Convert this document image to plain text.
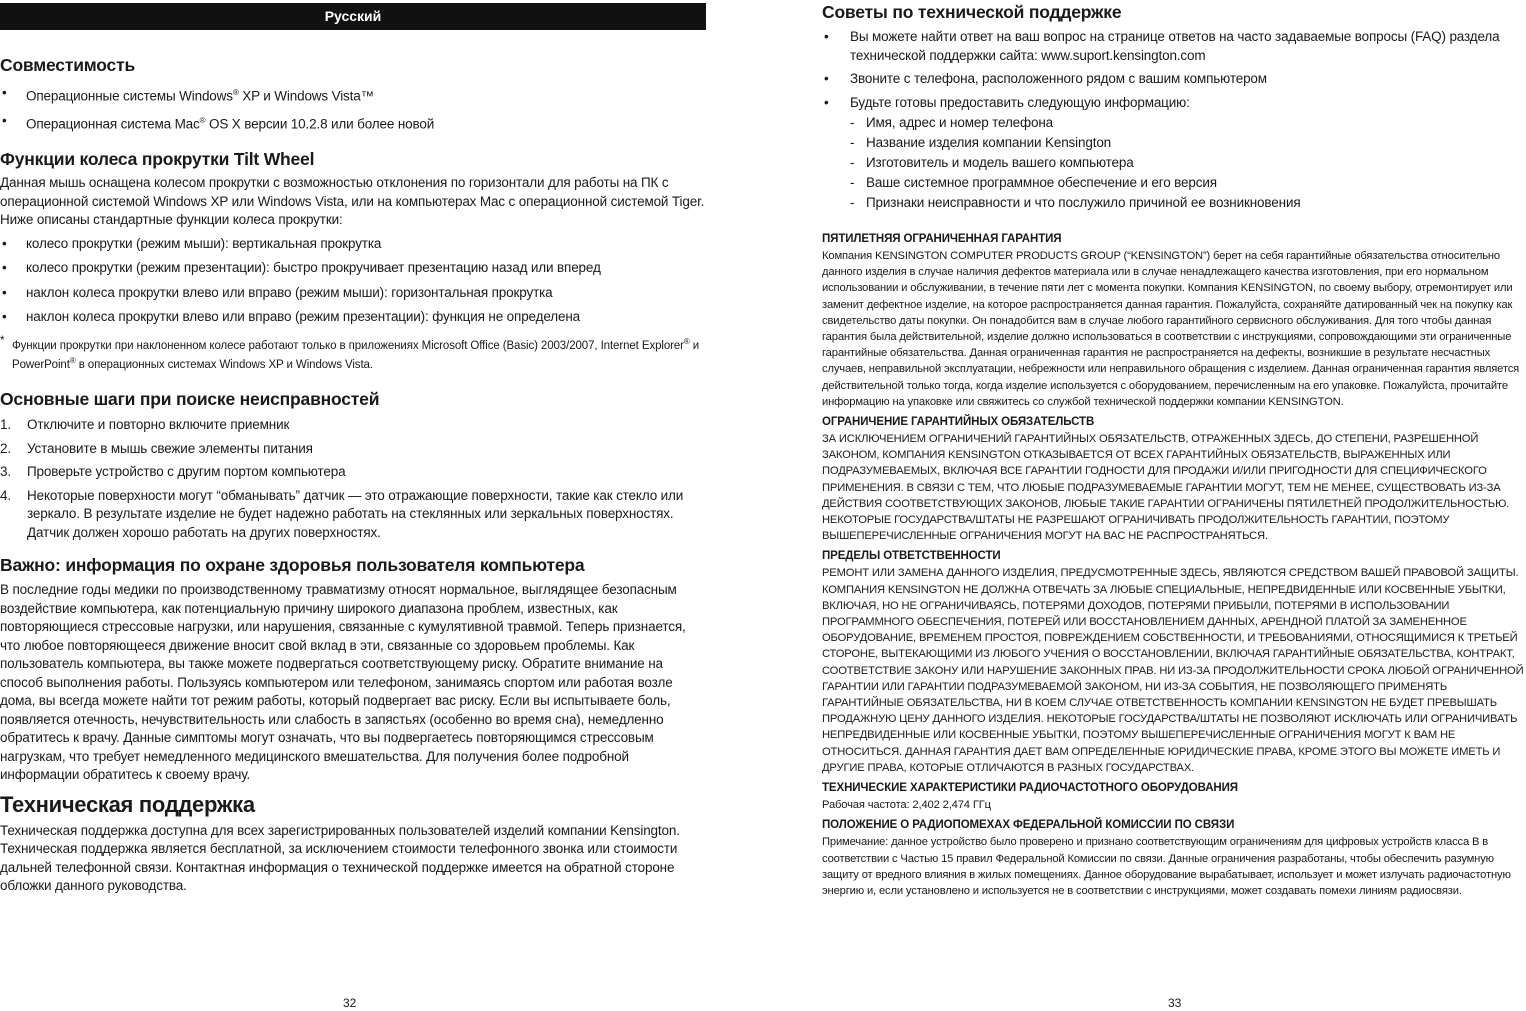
Русский
Совместимость
• Операционные системы Windows® XP и Windows Vista™
• Операционная система Mac® OS X версии 10.2.8 или более новой
Функции колеса прокрутки Tilt Wheel

Данная мышь оснащена колесом прокрутки с возможностью отклонения по горизонтали для работы на ПК с операционной системой Windows XP или Windows Vista, или на компьютерах Mac с операционной системой Tiger. Ниже описаны стандартные функции колеса прокрутки:

• колесо прокрутки (режим мыши): вертикальная прокрутка
• колесо прокрутки (режим презентации): быстро прокручивает презентацию назад или вперед
• наклон колеса прокрутки влево или вправо (режим мыши): горизонтальная прокрутка
• наклон колеса прокрутки влево или вправо (режим презентации): функция не определена
* Функции прокрутки при наклоненном колесе работают только в приложениях Microsoft Office (Basic) 2003/2007, Internet Explorer® и PowerPoint® в операционных системах Windows XP и Windows Vista.
Основные шаги при поиске неисправностей
1. Отключите и повторно включите приемник
2. Установите в мышь свежие элементы питания
3. Проверьте устройство с другим портом компьютера
4. Некоторые поверхности могут “обманывать” датчик — это отражающие поверхности, такие как стекло или зеркало. В результате изделие не будет надежно работать на стеклянных или зеркальных поверхностях. Датчик должен хорошо работать на других поверхностях.
Важно: информация по охране здоровья пользователя компьютера

В последние годы медики по производственному травматизму относят нормальное, выглядящее безопасным воздействие компьютера, как потенциальную причину широкого диапазона проблем, известных, как повторяющиеся стрессовые нагрузки, или нарушения, связанные с кумулятивной травмой. Теперь признается, что любое повторяющееся движение вносит свой вклад в эти, связанные со здоровьем проблемы. Как пользователь компьютера, вы также можете подвергаться соответствующему риску. Обратите внимание на способ выполнения работы. Пользуясь компьютером или телефоном, занимаясь спортом или работая возле дома, вы всегда можете найти тот режим работы, который подвергает вас риску. Если вы испытываете боль, появляется отечность, нечувствительность или слабость в запястьях (особенно во время сна), немедленно обратитесь к врачу. Данные симптомы могут означать, что вы подвергаетесь повторяющимся стрессовым нагрузкам, что требует немедленного медицинского вмешательства. Для получения более подробной информации обратитесь к своему врачу.

Техническая поддержка

Техническая поддержка доступна для всех зарегистрированных пользователей изделий компании Kensington. Техническая поддержка является бесплатной, за исключением стоимости телефонного звонка или стоимости дальней телефонной связи. Контактная информация о технической поддержке имеется на обратной стороне обложки данного руководства.

32
Советы по технической поддержке
• Вы можете найти ответ на ваш вопрос на странице ответов на часто задаваемые вопросы (FAQ) раздела технической поддержки сайта: www.suport.kensington.com
• Звоните с телефона, расположенного рядом с вашим компьютером
• Будьте готовы предоставить следующую информацию:
- Имя, адрес и номер телефона
- Название изделия компании Kensington
- Изготовитель и модель вашего компьютера
- Ваше системное программное обеспечение и его версия
- Признаки неисправности и что послужило причиной ее возникновения
ПЯТИЛЕТНЯЯ ОГРАНИЧЕННАЯ ГАРАНТИЯ

Компания KENSINGTON COMPUTER PRODUCTS GROUP (“KENSINGTON”) берет на себя гарантийные обязательства относительно данного изделия в случае наличия дефектов материала или в случае ненадлежащего качества изготовления, при его нормальном использовании и обслуживании, в течение пяти лет с момента покупки. Компания KENSINGTON, по своему выбору, отремонтирует или заменит дефектное изделие, на которое распространяется данная гарантия. Пожалуйста, сохраняйте датированный чек на покупку как свидетельство даты покупки. Он понадобится вам в случае любого гарантийного сервисного обслуживания. Для того чтобы данная гарантия была действительной, изделие должно использоваться в соответствии с инструкциями, сопровождающими эти ограниченные гарантийные обязательства. Данная ограниченная гарантия не распространяется на дефекты, возникшие в результате несчастных случаев, неправильной эксплуатации, небрежности или неправильного обращения с изделием. Данная ограниченная гарантия является действительной только тогда, когда изделие используется с оборудованием, перечисленным на его упаковке. Пожалуйста, прочитайте информацию на упаковке или свяжитесь со службой технической поддержки компании KENSINGTON.

ОГРАНИЧЕНИЕ ГАРАНТИЙНЫХ ОБЯЗАТЕЛЬСТВ

ЗА ИСКЛЮЧЕНИЕМ ОГРАНИЧЕНИЙ ГАРАНТИЙНЫХ ОБЯЗАТЕЛЬСТВ, ОТРАЖЕННЫХ ЗДЕСЬ, ДО СТЕПЕНИ, РАЗРЕШЕННОЙ ЗАКОНОМ, КОМПАНИЯ KENSINGTON ОТКАЗЫВАЕТСЯ ОТ ВСЕХ ГАРАНТИЙНЫХ ОБЯЗАТЕЛЬСТВ, ВЫРАЖЕННЫХ ИЛИ ПОДРАЗУМЕВАЕМЫХ, ВКЛЮЧАЯ ВСЕ ГАРАНТИИ ГОДНОСТИ ДЛЯ ПРОДАЖИ И/ИЛИ ПРИГОДНОСТИ ДЛЯ СПЕЦИФИЧЕСКОГО ПРИМЕНЕНИЯ. В СВЯЗИ С ТЕМ, ЧТО ЛЮБЫЕ ПОДРАЗУМЕВАЕМЫЕ ГАРАНТИИ МОГУТ, ТЕМ НЕ МЕНЕЕ, СУЩЕСТВОВАТЬ ИЗ-ЗА ДЕЙСТВИЯ СООТВЕТСТВУЮЩИХ ЗАКОНОВ, ЛЮБЫЕ ТАКИЕ ГАРАНТИИ ОГРАНИЧЕНЫ ПЯТИЛЕТНЕЙ ПРОДОЛЖИТЕЛЬНОСТЬЮ. НЕКОТОРЫЕ ГОСУДАРСТВА/ШТАТЫ НЕ РАЗРЕШАЮТ ОГРАНИЧИВАТЬ ПРОДОЛЖИТЕЛЬНОСТЬ ГАРАНТИИ, ПОЭТОМУ ВЫШЕПЕРЕЧИСЛЕННЫЕ ОГРАНИЧЕНИЯ МОГУТ НА ВАС НЕ РАСПРОСТРАНЯТЬСЯ.

ПРЕДЕЛЫ ОТВЕТСТВЕННОСТИ

РЕМОНТ ИЛИ ЗАМЕНА ДАННОГО ИЗДЕЛИЯ, ПРЕДУСМОТРЕННЫЕ ЗДЕСЬ, ЯВЛЯЮТСЯ СРЕДСТВОМ ВАШЕЙ ПРАВОВОЙ ЗАЩИТЫ. КОМПАНИЯ KENSINGTON НЕ ДОЛЖНА ОТВЕЧАТЬ ЗА ЛЮБЫЕ СПЕЦИАЛЬНЫЕ, НЕПРЕДВИДЕННЫЕ ИЛИ КОСВЕННЫЕ УБЫТКИ, ВКЛЮЧАЯ, НО НЕ ОГРАНИЧИВАЯСЬ, ПОТЕРЯМИ ДОХОДОВ, ПОТЕРЯМИ ПРИБЫЛИ, ПОТЕРЯМИ В ИСПОЛЬЗОВАНИИ ПРОГРАММНОГО ОБЕСПЕЧЕНИЯ, ПОТЕРЕЙ ИЛИ ВОССТАНОВЛЕНИЕМ ДАННЫХ, АРЕНДНОЙ ПЛАТОЙ ЗА ЗАМЕНЕННОЕ ОБОРУДОВАНИЕ, ВРЕМЕНЕМ ПРОСТОЯ, ПОВРЕЖДЕНИЕМ СОБСТВЕННОСТИ, И ТРЕБОВАНИЯМИ, ОТНОСЯЩИМИСЯ К ТРЕТЬЕЙ СТОРОНЕ, ВЫТЕКАЮЩИМИ ИЗ ЛЮБОГО УЧЕНИЯ О ВОССТАНОВЛЕНИИ, ВКЛЮЧАЯ ГАРАНТИЙНЫЕ ОБЯЗАТЕЛЬСТВА, КОНТРАКТ, СООТВЕТСТВИЕ ЗАКОНУ ИЛИ НАРУШЕНИЕ ЗАКОННЫХ ПРАВ. НИ ИЗ-ЗА ПРОДОЛЖИТЕЛЬНОСТИ СРОКА ЛЮБОЙ ОГРАНИЧЕННОЙ ГАРАНТИИ ИЛИ ГАРАНТИИ ПОДРАЗУМЕВАЕМОЙ ЗАКОНОМ, НИ ИЗ-ЗА СОБЫТИЯ, НЕ ПОЗВОЛЯЮЩЕГО ПРИМЕНЯТЬ ГАРАНТИЙНЫЕ ОБЯЗАТЕЛЬСТВА, НИ В КОЕМ СЛУЧАЕ ОТВЕТСТВЕННОСТЬ КОМПАНИИ KENSINGTON НЕ БУДЕТ ПРЕВЫШАТЬ ПРОДАЖНУЮ ЦЕНУ ДАННОГО ИЗДЕЛИЯ. НЕКОТОРЫЕ ГОСУДАРСТВА/ШТАТЫ НЕ ПОЗВОЛЯЮТ ИСКЛЮЧАТЬ ИЛИ ОГРАНИЧИВАТЬ НЕПРЕДВИДЕННЫЕ ИЛИ КОСВЕННЫЕ УБЫТКИ, ПОЭТОМУ ВЫШЕПЕРЕЧИСЛЕННЫЕ ОГРАНИЧЕНИЯ МОГУТ К ВАМ НЕ ОТНОСИТЬСЯ. ДАННАЯ ГАРАНТИЯ ДАЕТ ВАМ ОПРЕДЕЛЕННЫЕ ЮРИДИЧЕСКИЕ ПРАВА, КРОМЕ ЭТОГО ВЫ МОЖЕТЕ ИМЕТЬ И ДРУГИЕ ПРАВА, КОТОРЫЕ ОТЛИЧАЮТСЯ В РАЗНЫХ ГОСУДАРСТВАХ.

ТЕХНИЧЕСКИЕ ХАРАКТЕРИСТИКИ РАДИОЧАСТОТНОГО ОБОРУДОВАНИЯ

Рабочая частота: 2,402 2,474 ГГц

ПОЛОЖЕНИЕ О РАДИОПОМЕХАХ ФЕДЕРАЛЬНОЙ КОМИССИИ ПО СВЯЗИ

Примечание: данное устройство было проверено и признано соответствующим ограничениям для цифровых устройств класса B в соответствии с Частью 15 правил Федеральной Комиссии по связи. Данные ограничения разработаны, чтобы обеспечить разумную защиту от вредного влияния в жилых помещениях. Данное оборудование вырабатывает, использует и может излучать радиочастотную энергию и, если установлено и используется не в соответствии с инструкциями, может создавать помехи линиям радиосвязи.

33
